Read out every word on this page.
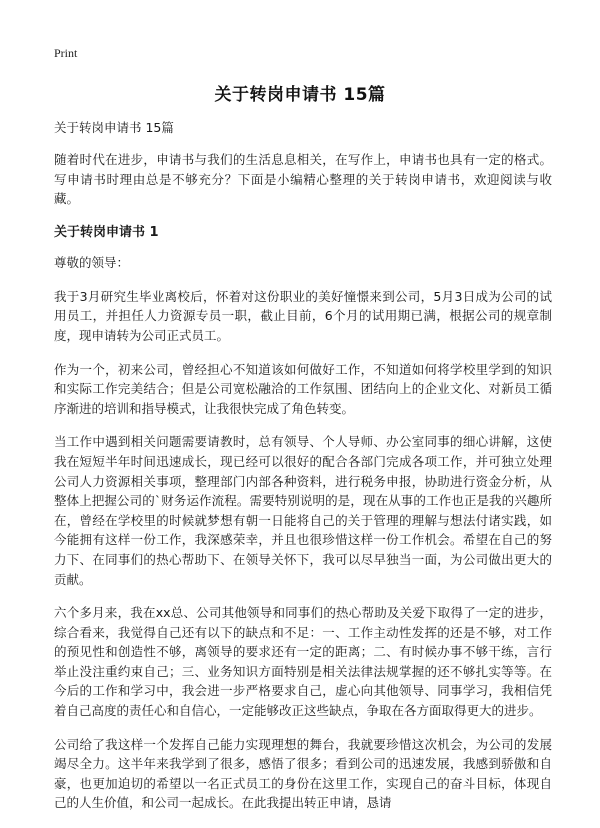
Print
关于转岗申请书 15篇
关于转岗申请书 15篇

随着时代在进步，申请书与我们的生活息息相关，在写作上，申请书也具有一定的格式。写申请书时理由总是不够充分？下面是小编精心整理的关于转岗申请书，欢迎阅读与收藏。

关于转岗申请书 1
尊敬的领导：

我于3月研究生毕业离校后，怀着对这份职业的美好憧憬来到公司，5月3日成为公司的试用员工，并担任人力资源专员一职，截止目前，6个月的试用期已满，根据公司的规章制度，现申请转为公司正式员工。

作为一个，初来公司，曾经担心不知道该如何做好工作，不知道如何将学校里学到的知识和实际工作完美结合；但是公司宽松融洽的工作氛围、团结向上的企业文化、对新员工循序渐进的培训和指导模式，让我很快完成了角色转变。

当工作中遇到相关问题需要请教时，总有领导、个人导师、办公室同事的细心讲解，这使我在短短半年时间迅速成长，现已经可以很好的配合各部门完成各项工作，并可独立处理公司人力资源相关事项，整理部门内部各种资料，进行税务申报，协助进行资金分析，从整体上把握公司的`财务运作流程。需要特别说明的是，现在从事的工作也正是我的兴趣所在，曾经在学校里的时候就梦想有朝一日能将自己的关于管理的理解与想法付诸实践，如今能拥有这样一份工作，我深感荣幸，并且也很珍惜这样一份工作机会。希望在自己的努力下、在同事们的热心帮助下、在领导关怀下，我可以尽早独当一面，为公司做出更大的贡献。

六个多月来，我在xx总、公司其他领导和同事们的热心帮助及关爱下取得了一定的进步，综合看来，我觉得自己还有以下的缺点和不足：一、工作主动性发挥的还是不够，对工作的预见性和创造性不够，离领导的要求还有一定的距离；二、有时候办事不够干练，言行举止没注重约束自己；三、业务知识方面特别是相关法律法规掌握的还不够扎实等等。在今后的工作和学习中，我会进一步严格要求自己，虚心向其他领导、同事学习，我相信凭着自己高度的责任心和自信心，一定能够改正这些缺点，争取在各方面取得更大的进步。

公司给了我这样一个发挥自己能力实现理想的舞台，我就要珍惜这次机会，为公司的发展竭尽全力。这半年来我学到了很多，感悟了很多；看到公司的迅速发展，我感到骄傲和自豪，也更加迫切的希望以一名正式员工的身份在这里工作，实现自己的奋斗目标，体现自己的人生价值，和公司一起成长。在此我提出转正申请，恳请
